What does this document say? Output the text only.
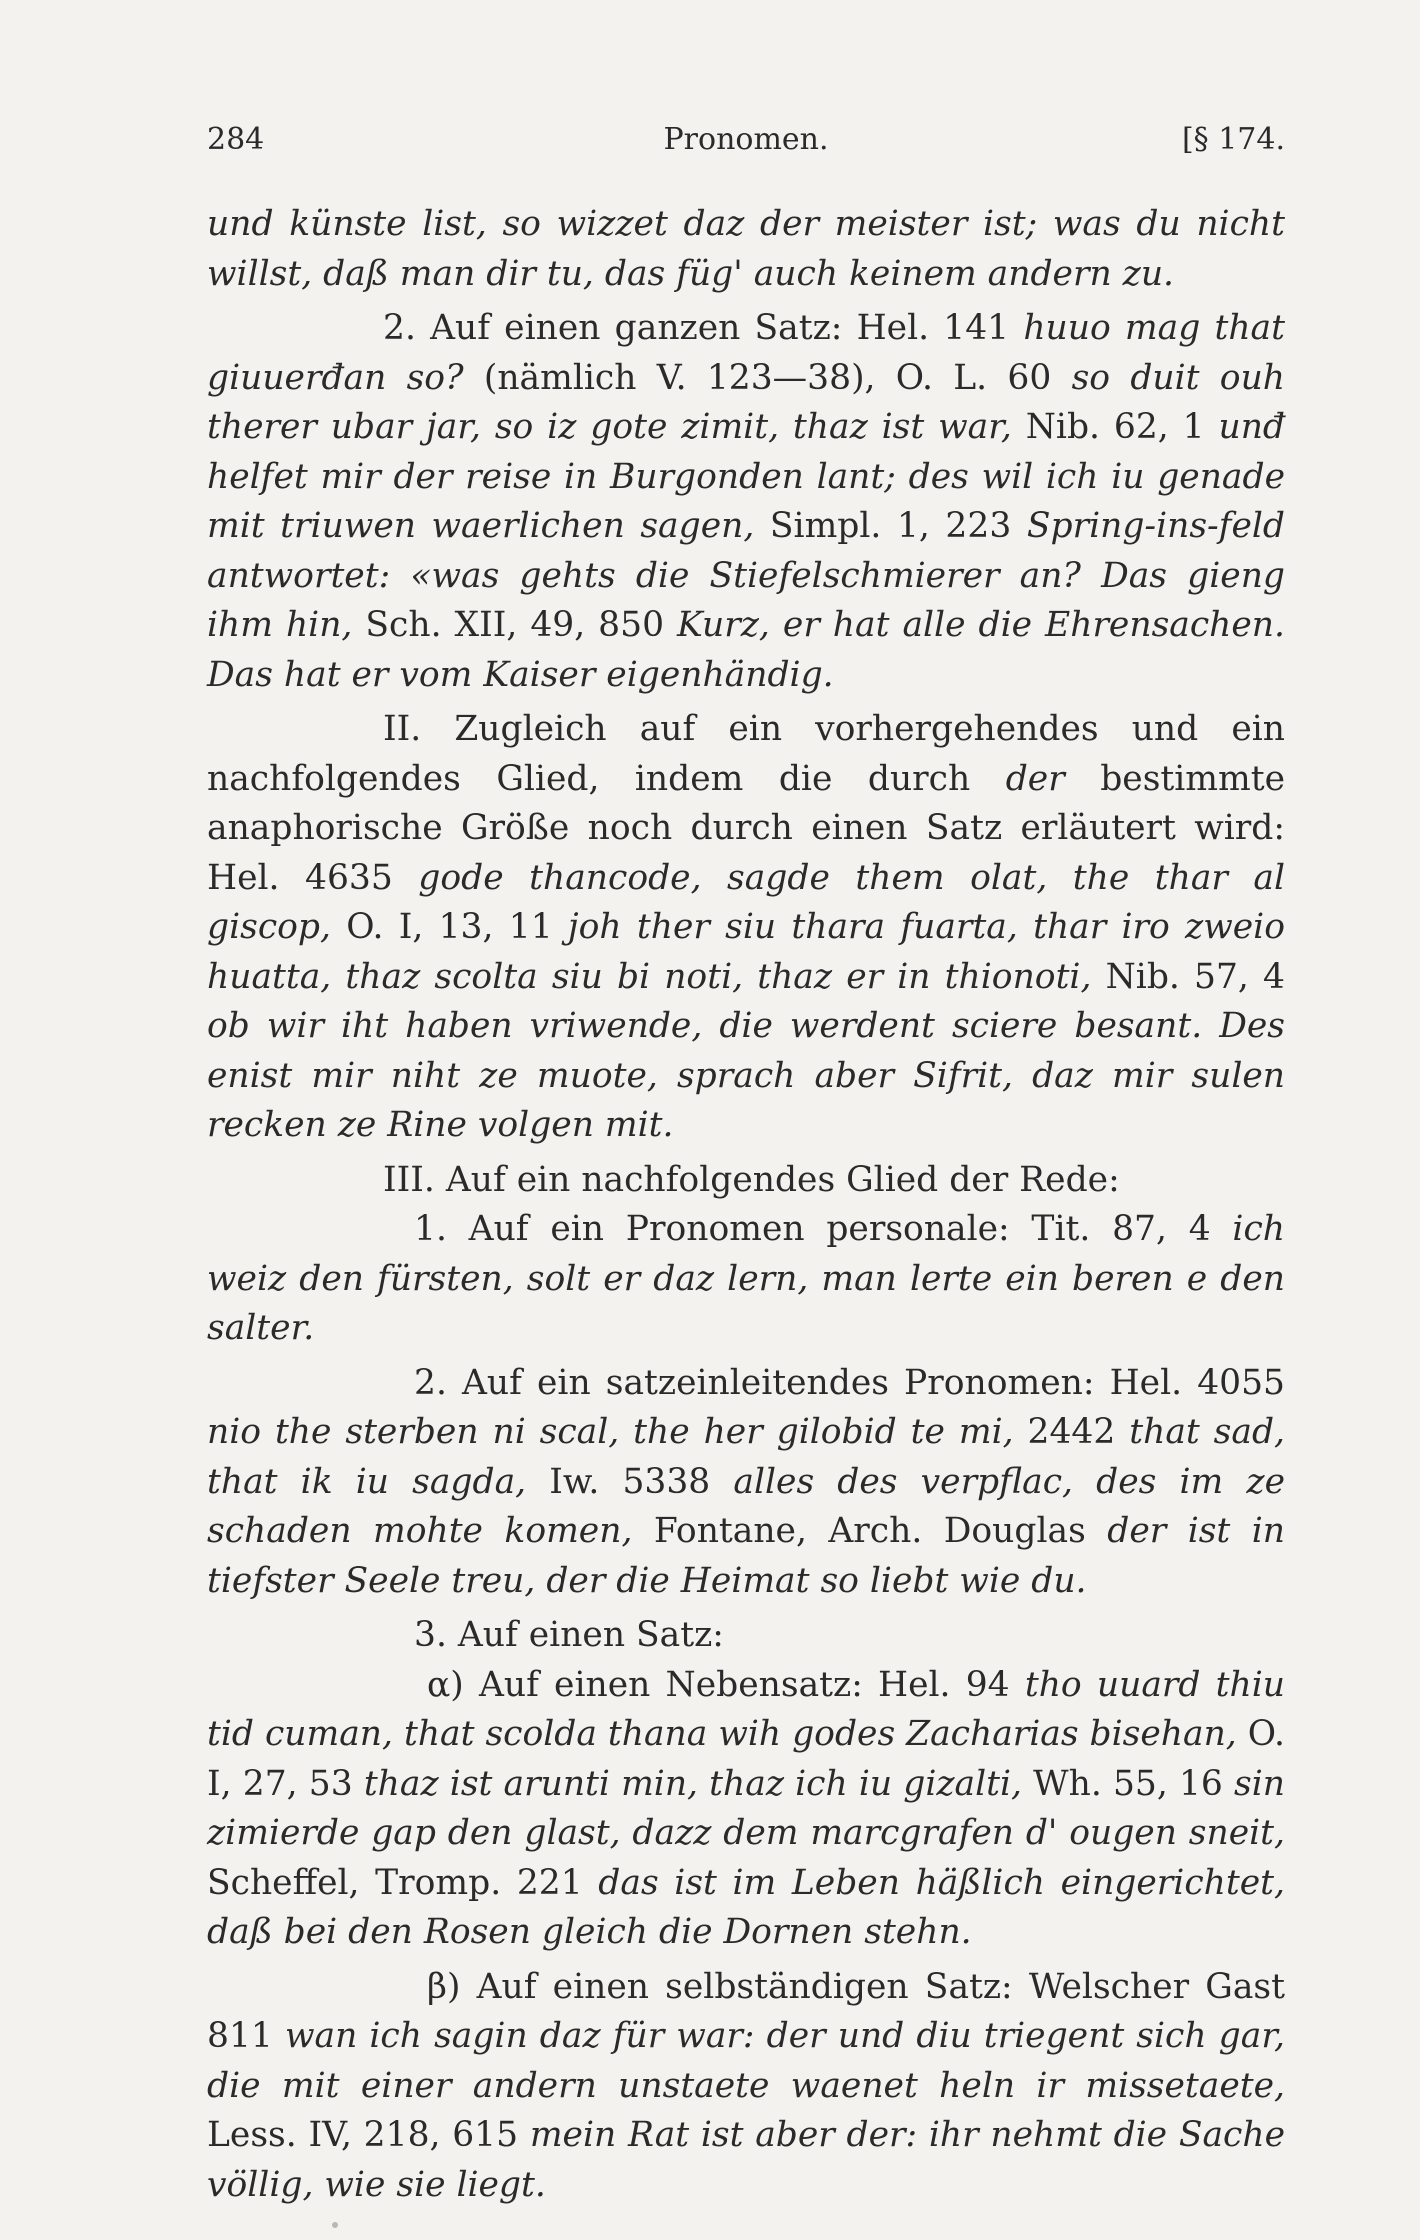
Pronomen.
284	[§ 174.

und künste list, so wizzet daz der meister ist; was du nicht willst, daß man dir tu, das füg' auch keinem andern zu.

2. Auf einen ganzen Satz: Hel. 141 huuo mag that giuuerđan so? (nämlich V. 123—38), O. L. 60 so duit ouh therer ubar jar, so iz gote zimit, thaz ist war, Nib. 62, 1 unđ helfet mir der reise in Burgonden lant; des wil ich iu genade mit triuwen waerlichen sagen, Simpl. 1, 223 Spring-ins-feld antwortet: «was gehts die Stiefelschmierer an? Das gieng ihm hin, Sch. XII, 49, 850 Kurz, er hat alle die Ehrensachen. Das hat er vom Kaiser eigenhändig.

II. Zugleich auf ein vorhergehendes und ein nachfolgendes Glied, indem die durch der bestimmte anaphorische Größe noch durch einen Satz erläutert wird: Hel. 4635 gode thancode, sagde them olat, the thar al giscop, O. I, 13, 11 joh ther siu thara fuarta, thar iro zweio huatta, thaz scolta siu bi noti, thaz er in thionoti, Nib. 57, 4 ob wir iht haben vriwende, die werdent sciere besant. Des enist mir niht ze muote, sprach aber Sifrit, daz mir sulen recken ze Rine volgen mit.

III. Auf ein nachfolgendes Glied der Rede:

1. Auf ein Pronomen personale: Tit. 87, 4 ich weiz den fürsten, solt er daz lern, man lerte ein beren e den salter.

2. Auf ein satzeinleitendes Pronomen: Hel. 4055 nio the sterben ni scal, the her gilobid te mi, 2442 that sad, that ik iu sagda, Iw. 5338 alles des verpflac, des im ze schaden mohte komen, Fontane, Arch. Douglas der ist in tiefster Seele treu, der die Heimat so liebt wie du.

3. Auf einen Satz:

α) Auf einen Nebensatz: Hel. 94 tho uuard thiu tid cuman, that scolda thana wih godes Zacharias bisehan, O. I, 27, 53 thaz ist arunti min, thaz ich iu gizalti, Wh. 55, 16 sin zimierde gap den glast, dazz dem marcgrafen d' ougen sneit, Scheffel, Tromp. 221 das ist im Leben häßlich eingerichtet, daß bei den Rosen gleich die Dornen stehn.

β) Auf einen selbständigen Satz: Welscher Gast 811 wan ich sagin daz für war: der und diu triegent sich gar, die mit einer andern unstaete waenet heln ir missetaete, Less. IV, 218, 615 mein Rat ist aber der: ihr nehmt die Sache völlig, wie sie liegt.
